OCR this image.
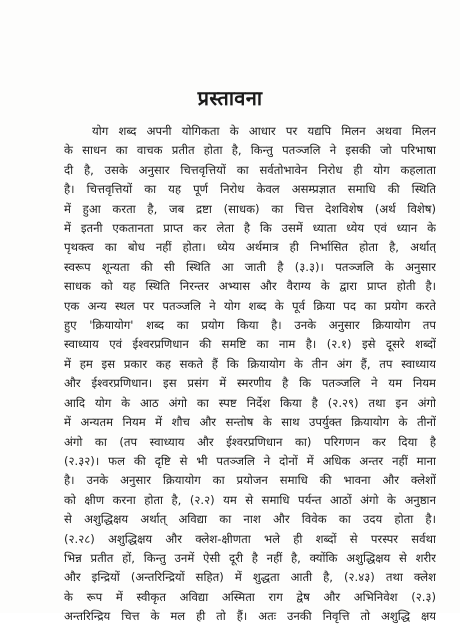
प्रस्तावना
योग शब्द अपनी योगिकता के आधार पर यद्यपि मिलन अथवा मिलन
के साधन का वाचक प्रतीत होता है, किन्तु पतञ्जलि ने इसकी जो परिभाषा
दी है, उसके अनुसार चित्तवृत्तियों का सर्वतोभावेन निरोध ही योग कहलाता
है। चित्तवृत्तियों का यह पूर्ण निरोध केवल असम्प्रज्ञात समाधि की स्थिति
में हुआ करता है, जब द्रष्टा (साधक) का चित्त देशविशेष (अर्थ विशेष)
में इतनी एकतानता प्राप्त कर लेता है कि उसमें ध्याता ध्येय एवं ध्यान के
पृथक्त्व का बोध नहीं होता। ध्येय अर्थमात्र ही निर्भासित होता है, अर्थात्
स्वरूप शून्यता की सी स्थिति आ जाती है (३.३)। पतञ्जलि के अनुसार
साधक को यह स्थिति निरन्तर अभ्यास और वैराग्य के द्वारा प्राप्त होती है।
एक अन्य स्थल पर पतञ्जलि ने योग शब्द के पूर्व क्रिया पद का प्रयोग करते
हुए 'क्रियायोग' शब्द का प्रयोग किया है। उनके अनुसार क्रियायोग तप
स्वाध्याय एवं ईश्वरप्रणिधान की समष्टि का नाम है। (२.१) इसे दूसरे शब्दों
में हम इस प्रकार कह सकते हैं कि क्रियायोग के तीन अंग हैं, तप स्वाध्याय
और ईश्वरप्रणिधान। इस प्रसंग में स्मरणीय है कि पतञ्जलि ने यम नियम
आदि योग के आठ अंगो का स्पष्ट निर्देश किया है (२.२९) तथा इन अंगो
में अन्यतम नियम में शौच और सन्तोष के साथ उपर्युक्त क्रियायोग के तीनों
अंगो का (तप स्वाध्याय और ईश्वरप्रणिधान का) परिगणन कर दिया है
(२.३२)। फल की दृष्टि से भी पतञ्जलि ने दोनों में अधिक अन्तर नहीं माना
है। उनके अनुसार क्रियायोग का प्रयोजन समाधि की भावना और क्लेशों
को क्षीण करना होता है, (२.२) यम से समाधि पर्यन्त आठों अंगो के अनुष्ठान
से अशुद्धिक्षय अर्थात् अविद्या का नाश और विवेक का उदय होता है।
(२.२८) अशुद्धिक्षय और क्लेश-क्षीणता भले ही शब्दों से परस्पर सर्वथा
भिन्न प्रतीत हों, किन्तु उनमें ऐसी दूरी है नहीं है, क्योंकि अशुद्धिक्षय से शरीर
और इन्द्रियों (अन्तरिन्द्रियों सहित) में शुद्धता आती है, (२.४३) तथा क्लेश
के रूप में स्वीकृत अविद्या अस्मिता राग द्वेष और अभिनिवेश (२.३)
अन्तरिन्द्रिय चित्त के मल ही तो हैं। अतः उनकी निवृत्ति तो अशुद्धि क्षय
